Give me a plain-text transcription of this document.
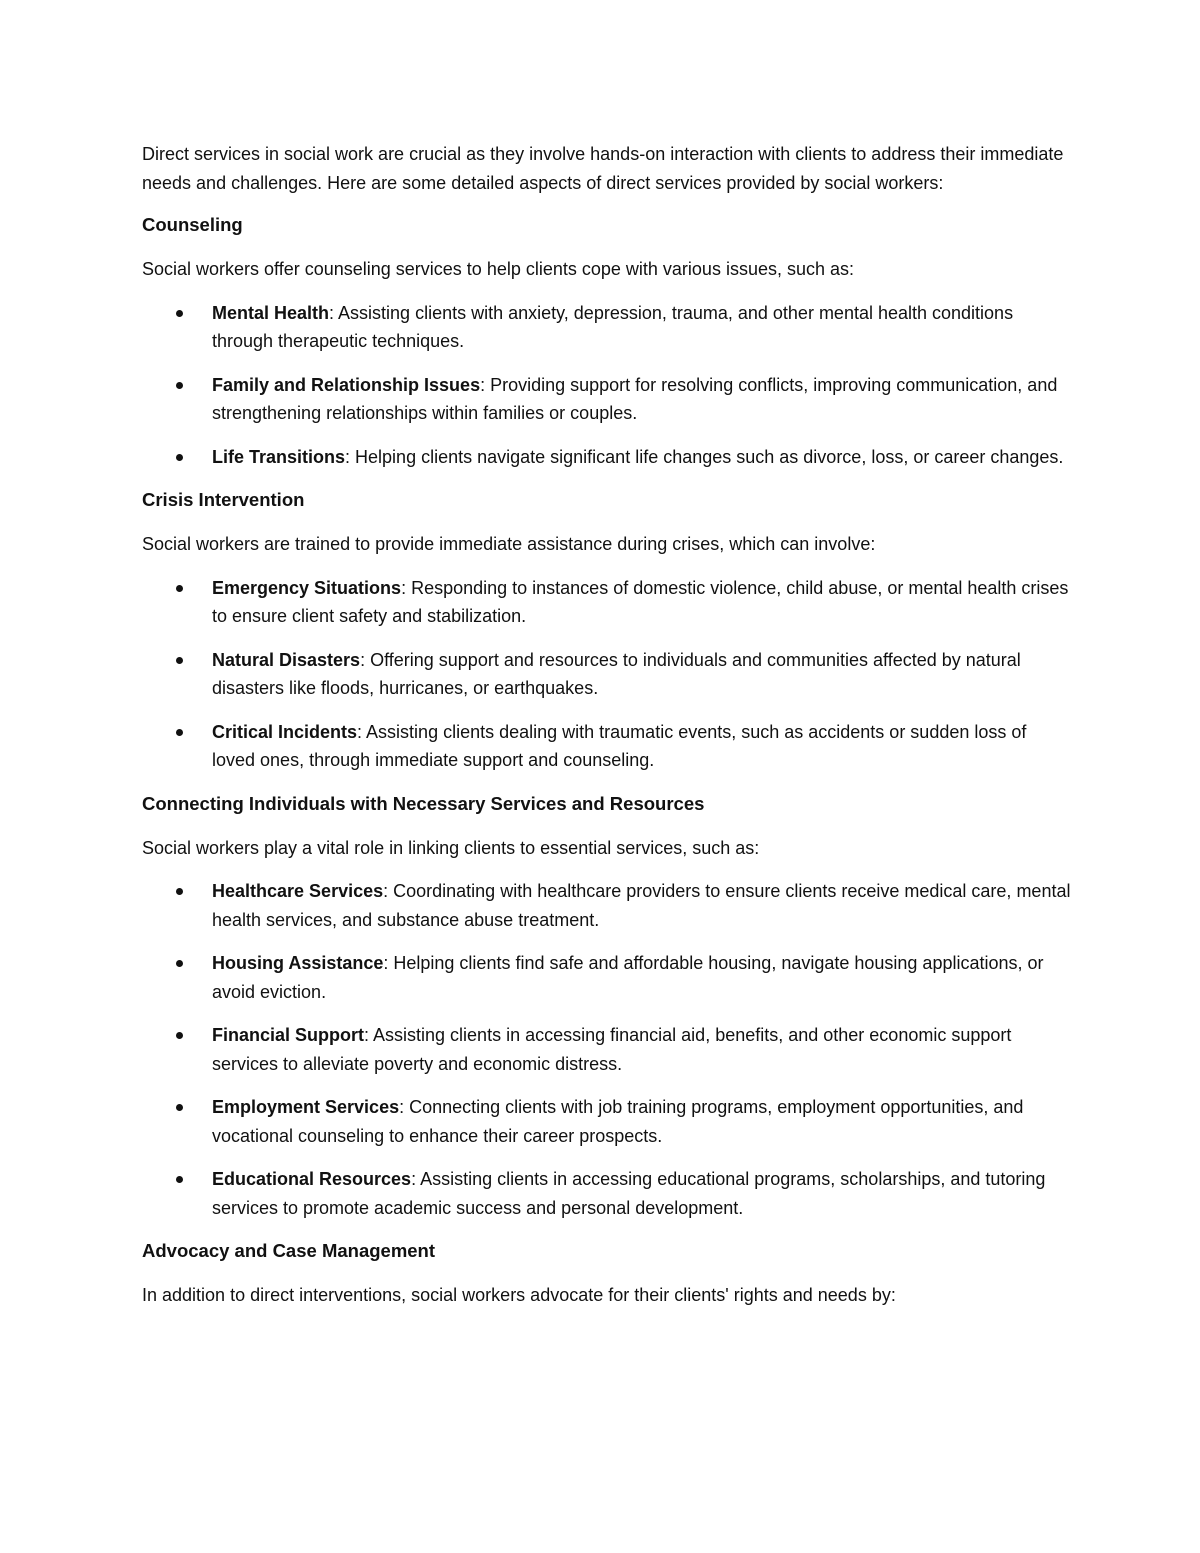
Direct services in social work are crucial as they involve hands-on interaction with clients to address their immediate needs and challenges. Here are some detailed aspects of direct services provided by social workers:

Counseling

Social workers offer counseling services to help clients cope with various issues, such as:

Mental Health: Assisting clients with anxiety, depression, trauma, and other mental health conditions through therapeutic techniques.
Family and Relationship Issues: Providing support for resolving conflicts, improving communication, and strengthening relationships within families or couples.
Life Transitions: Helping clients navigate significant life changes such as divorce, loss, or career changes.
Crisis Intervention

Social workers are trained to provide immediate assistance during crises, which can involve:

Emergency Situations: Responding to instances of domestic violence, child abuse, or mental health crises to ensure client safety and stabilization.
Natural Disasters: Offering support and resources to individuals and communities affected by natural disasters like floods, hurricanes, or earthquakes.
Critical Incidents: Assisting clients dealing with traumatic events, such as accidents or sudden loss of loved ones, through immediate support and counseling.
Connecting Individuals with Necessary Services and Resources

Social workers play a vital role in linking clients to essential services, such as:

Healthcare Services: Coordinating with healthcare providers to ensure clients receive medical care, mental health services, and substance abuse treatment.
Housing Assistance: Helping clients find safe and affordable housing, navigate housing applications, or avoid eviction.
Financial Support: Assisting clients in accessing financial aid, benefits, and other economic support services to alleviate poverty and economic distress.
Employment Services: Connecting clients with job training programs, employment opportunities, and vocational counseling to enhance their career prospects.
Educational Resources: Assisting clients in accessing educational programs, scholarships, and tutoring services to promote academic success and personal development.
Advocacy and Case Management

In addition to direct interventions, social workers advocate for their clients' rights and needs by:
